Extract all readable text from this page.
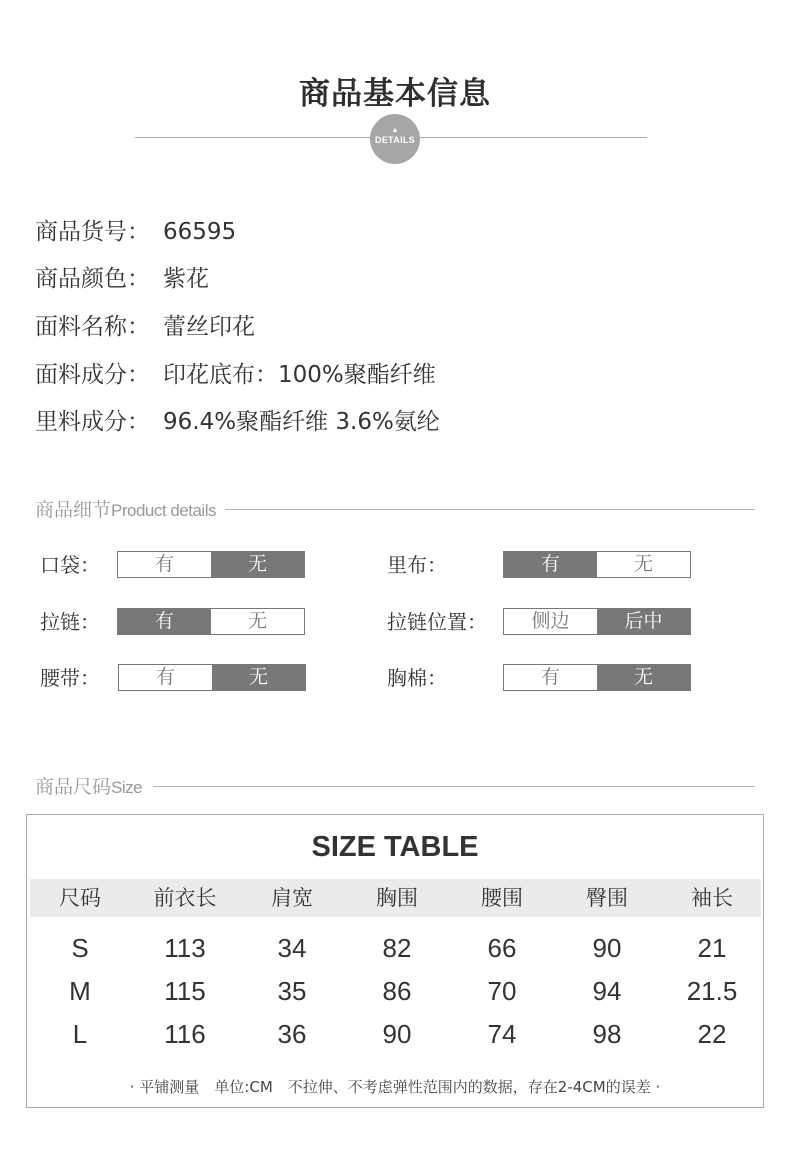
商品基本信息
▲
DETAILS
商品货号： 66595
商品颜色： 紫花
面料名称： 蕾丝印花
面料成分： 印花底布：100%聚酯纤维
里料成分： 96.4%聚酯纤维 3.6%氨纶
商品细节Product details
口袋：	有	无
拉链：	有	无
腰带：	有	无
里布：	有	无
拉链位置：	侧边	后中
胸棉：	有	无
商品尺码Size
SIZE TABLE
尺码	前衣长	肩宽	胸围	腰围	臀围	袖长
S	113	34	82	66	90	21
M	115	35	86	70	94	21.5
L	116	36	90	74	98	22
· 平铺测量　单位:CM　不拉伸、不考虑弹性范围内的数据，存在2-4CM的误差 ·
